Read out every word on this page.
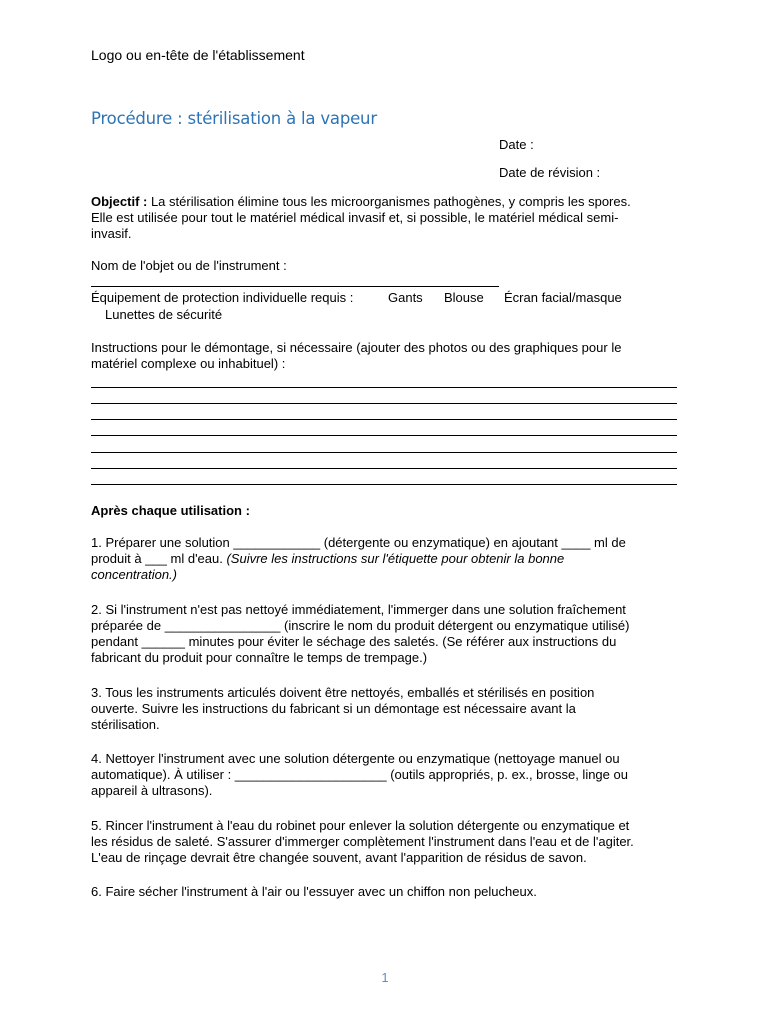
Logo ou en-tête de l'établissement
Procédure : stérilisation à la vapeur
Date :
Date de révision :
Objectif : La stérilisation élimine tous les microorganismes pathogènes, y compris les spores.
Elle est utilisée pour tout le matériel médical invasif et, si possible, le matériel médical semi-
invasif.
Nom de l'objet ou de l'instrument :
Équipement de protection individuelle requis :	Gants Blouse Écran facial/masque
Lunettes de sécurité
Instructions pour le démontage, si nécessaire (ajouter des photos ou des graphiques pour le
matériel complexe ou inhabituel) :
Après chaque utilisation :
1. Préparer une solution ____________ (détergente ou enzymatique) en ajoutant ____ ml de
produit à ___ ml d'eau. (Suivre les instructions sur l'étiquette pour obtenir la bonne
concentration.)
2. Si l'instrument n'est pas nettoyé immédiatement, l'immerger dans une solution fraîchement
préparée de ________________ (inscrire le nom du produit détergent ou enzymatique utilisé)
pendant ______ minutes pour éviter le séchage des saletés. (Se référer aux instructions du
fabricant du produit pour connaître le temps de trempage.)
3. Tous les instruments articulés doivent être nettoyés, emballés et stérilisés en position
ouverte. Suivre les instructions du fabricant si un démontage est nécessaire avant la
stérilisation.
4. Nettoyer l'instrument avec une solution détergente ou enzymatique (nettoyage manuel ou
automatique). À utiliser : _____________________ (outils appropriés, p. ex., brosse, linge ou
appareil à ultrasons).
5. Rincer l'instrument à l'eau du robinet pour enlever la solution détergente ou enzymatique et
les résidus de saleté. S'assurer d'immerger complètement l'instrument dans l'eau et de l'agiter.
L'eau de rinçage devrait être changée souvent, avant l'apparition de résidus de savon.
6. Faire sécher l'instrument à l'air ou l'essuyer avec un chiffon non pelucheux.
1
